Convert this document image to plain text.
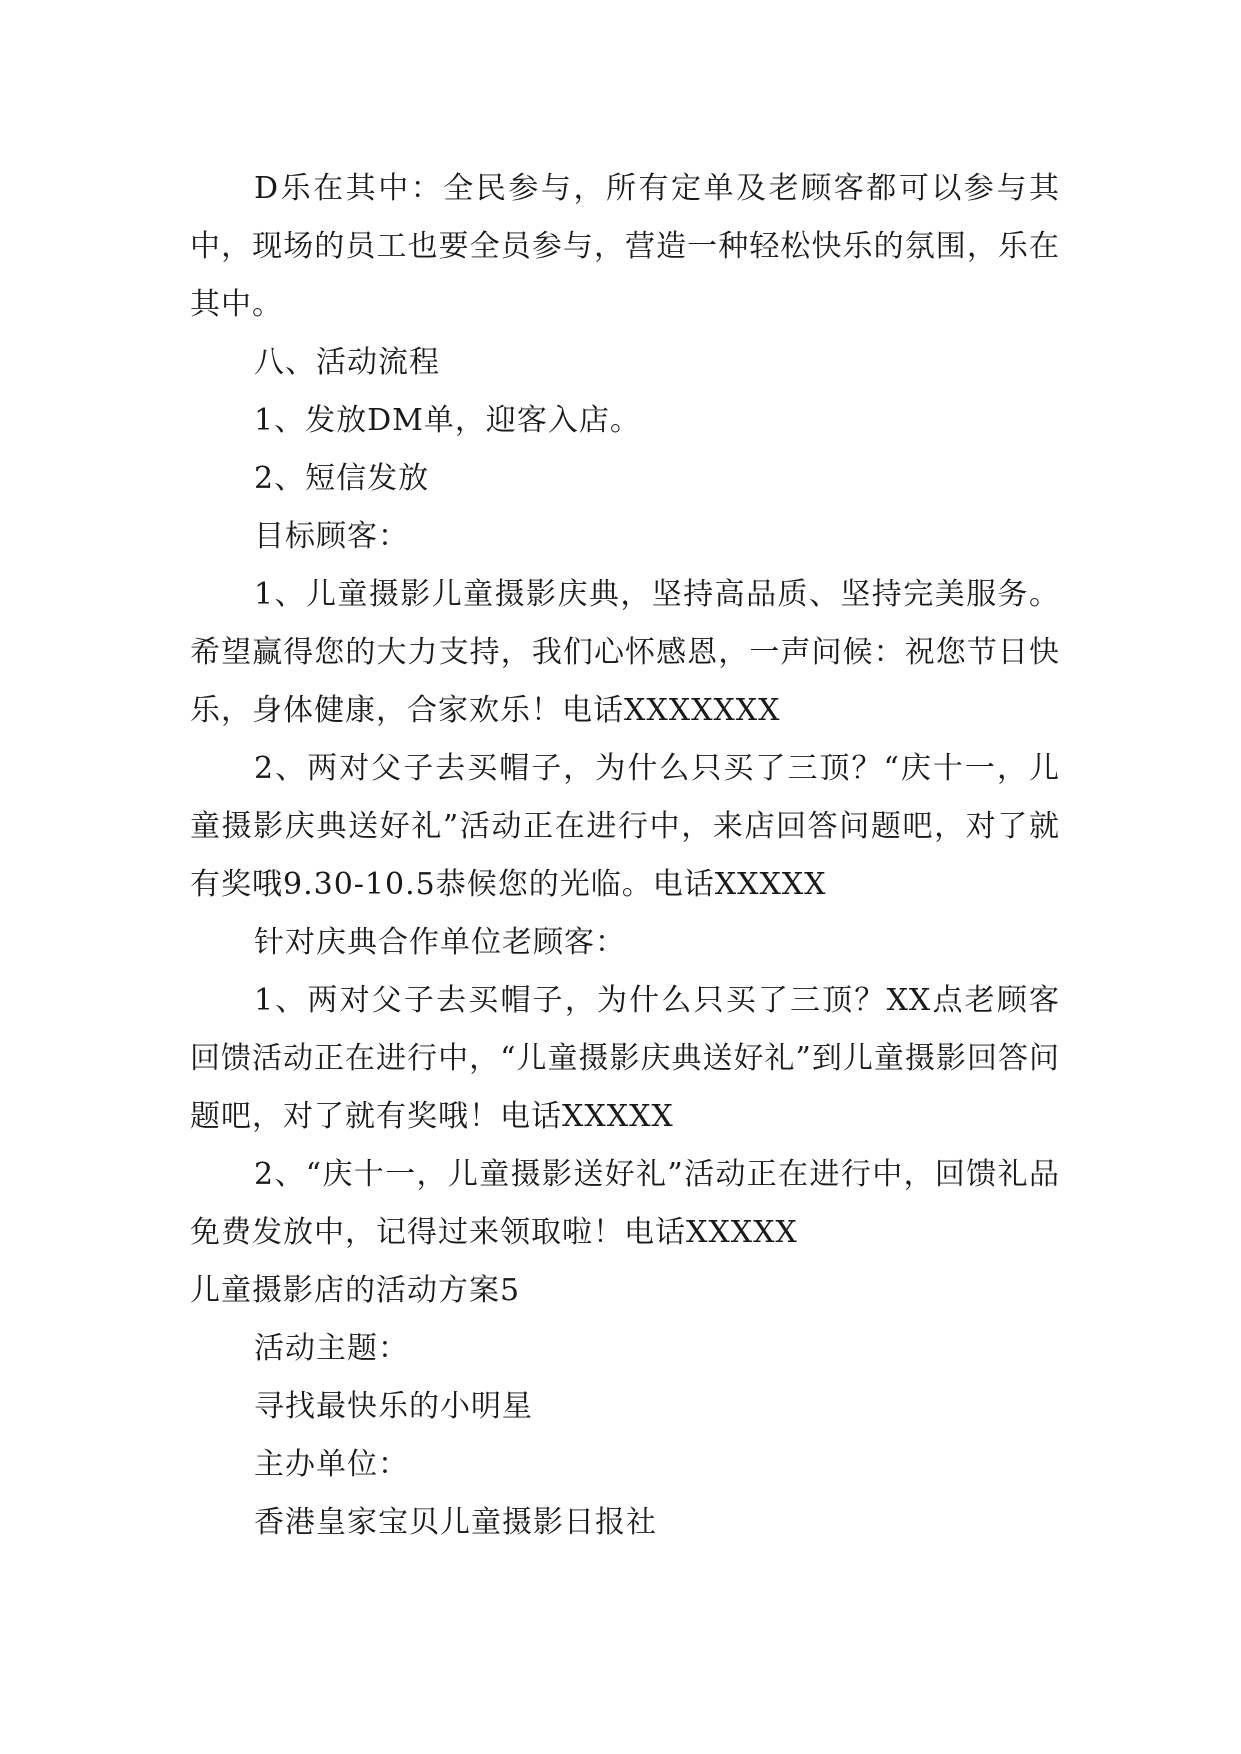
D乐在其中：全民参与，所有定单及老顾客都可以参与其中，现场的员工也要全员参与，营造一种轻松快乐的氛围，乐在其中。

八、活动流程

1、发放DM单，迎客入店。

2、短信发放

目标顾客：

1、儿童摄影儿童摄影庆典，坚持高品质、坚持完美服务。希望赢得您的大力支持，我们心怀感恩，一声问候：祝您节日快乐，身体健康，合家欢乐！电话XXXXXXX

2、两对父子去买帽子，为什么只买了三顶？“庆十一，儿童摄影庆典送好礼”活动正在进行中，来店回答问题吧，对了就有奖哦9.30-10.5恭候您的光临。电话XXXXX

针对庆典合作单位老顾客：

1、两对父子去买帽子，为什么只买了三顶？XX点老顾客回馈活动正在进行中，“儿童摄影庆典送好礼”到儿童摄影回答问题吧，对了就有奖哦！电话XXXXX

2、“庆十一，儿童摄影送好礼”活动正在进行中，回馈礼品免费发放中，记得过来领取啦！电话XXXXX

儿童摄影店的活动方案5

活动主题：

寻找最快乐的小明星

主办单位：

香港皇家宝贝儿童摄影日报社
